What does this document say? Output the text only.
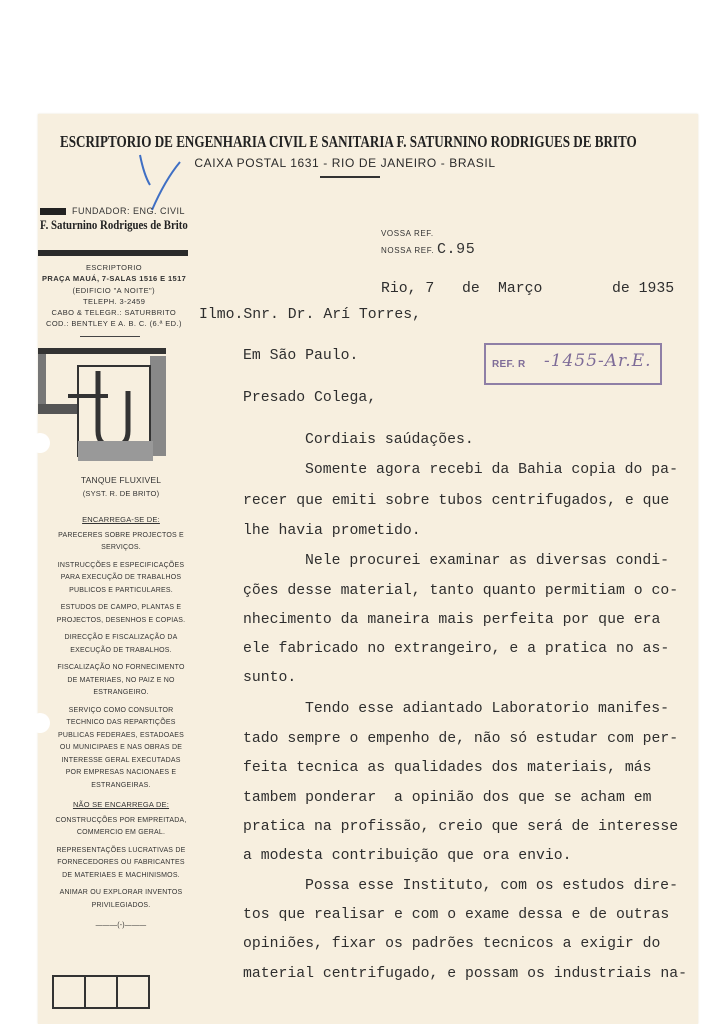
ESCRIPTORIO DE ENGENHARIA CIVIL E SANITARIA F. SATURNINO RODRIGUES DE BRITO
CAIXA POSTAL 1631 - RIO DE JANEIRO - BRASIL
FUNDADOR: ENG. CIVIL
F. Saturnino Rodrigues de Brito
ESCRIPTORIO
PRAÇA MAUÁ, 7-SALAS 1516 E 1517
(EDIFICIO "A NOITE")
TELEPH. 3-2459
CABO & TELEGR.: SATURBRITO
COD.: BENTLEY E A. B. C. (6.ª ED.)
TANQUE FLUXIVEL
(SYST. R. DE BRITO)
ENCARREGA-SE DE:
PARECERES SOBRE PROJECTOS E SERVIÇOS.
INSTRUCÇÕES E ESPECIFICAÇÕES PARA EXECUÇÃO DE TRABALHOS PUBLICOS E PARTICULARES.
ESTUDOS DE CAMPO, PLANTAS E PROJECTOS, DESENHOS E COPIAS.
DIRECÇÃO E FISCALIZAÇÃO DA EXECUÇÃO DE TRABALHOS.
FISCALIZAÇÃO NO FORNECIMENTO DE MATERIAES, NO PAIZ E NO ESTRANGEIRO.
SERVIÇO COMO CONSULTOR TECHNICO DAS REPARTIÇÕES PUBLICAS FEDERAES, ESTADOAES OU MUNICIPAES E NAS OBRAS DE INTERESSE GERAL EXECUTADAS POR EMPRESAS NACIONAES E ESTRANGEIRAS.
NÃO SE ENCARREGA DE:
CONSTRUCÇÕES POR EMPREITADA, COMMERCIO EM GERAL.
REPRESENTAÇÕES LUCRATIVAS DE FORNECEDORES OU FABRICANTES DE MATERIAES E MACHINISMOS.
ANIMAR OU EXPLORAR INVENTOS PRIVILEGIADOS.
———(-)———
VOSSA REF.
NOSSA REF. C.95
Rio, 7 de Março	de 1935
REF. R -1455-Ar.E.
Ilmo.Snr. Dr. Arí Torres,
Em São Paulo.
Presado Colega,
Cordiais saúdações.
Somente agora recebi da Bahia copia do pa-
recer que emiti sobre tubos centrifugados, e que
lhe havia prometido.
Nele procurei examinar as diversas condi-
ções desse material, tanto quanto permitiam o co-
nhecimento da maneira mais perfeita por que era
ele fabricado no extrangeiro, e a pratica no as-
sunto.
Tendo esse adiantado Laboratorio manifes-
tado sempre o empenho de, não só estudar com per-
feita tecnica as qualidades dos materiais, más
tambem ponderar  a opinião dos que se acham em
pratica na profissão, creio que será de interesse
a modesta contribuição que ora envio.
Possa esse Instituto, com os estudos dire-
tos que realisar e com o exame dessa e de outras
opiniões, fixar os padrões tecnicos a exigir do
material centrifugado, e possam os industriais na-
